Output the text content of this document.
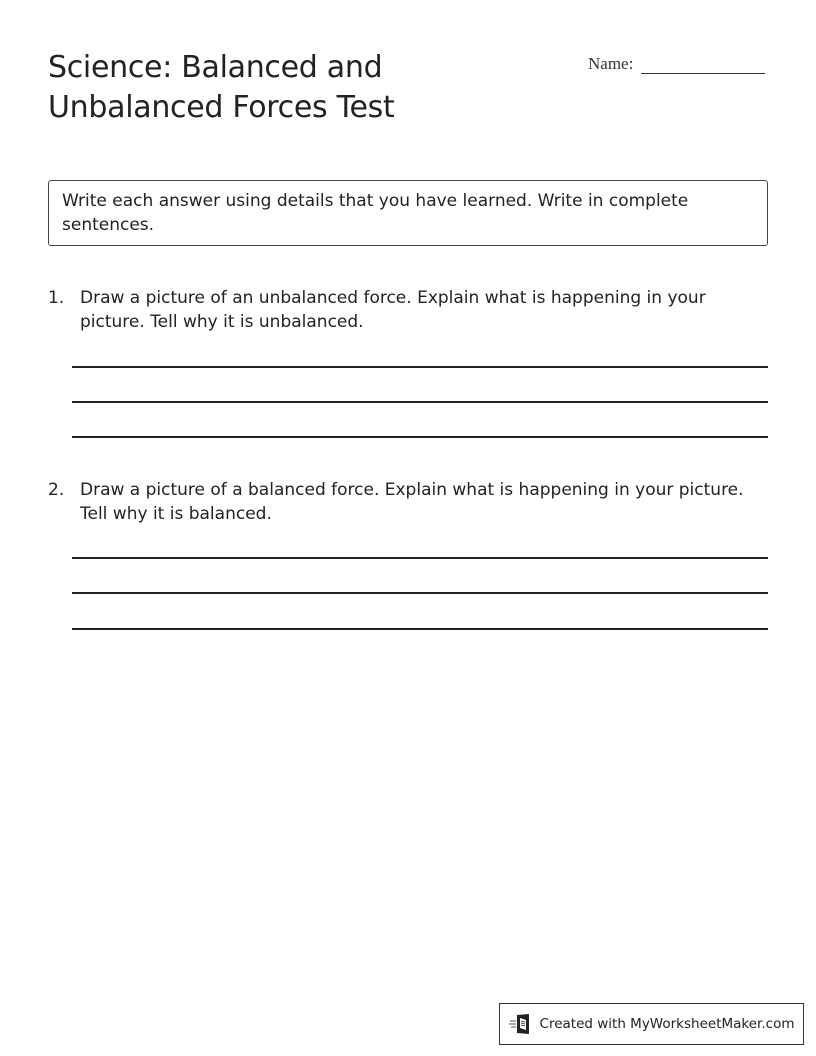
Science: Balanced and
Unbalanced Forces Test
Name:
Write each answer using details that you have learned. Write in complete sentences.
1. Draw a picture of an unbalanced force. Explain what is happening in your picture. Tell why it is unbalanced.
2. Draw a picture of a balanced force. Explain what is happening in your picture. Tell why it is balanced.
Created with MyWorksheetMaker.com
